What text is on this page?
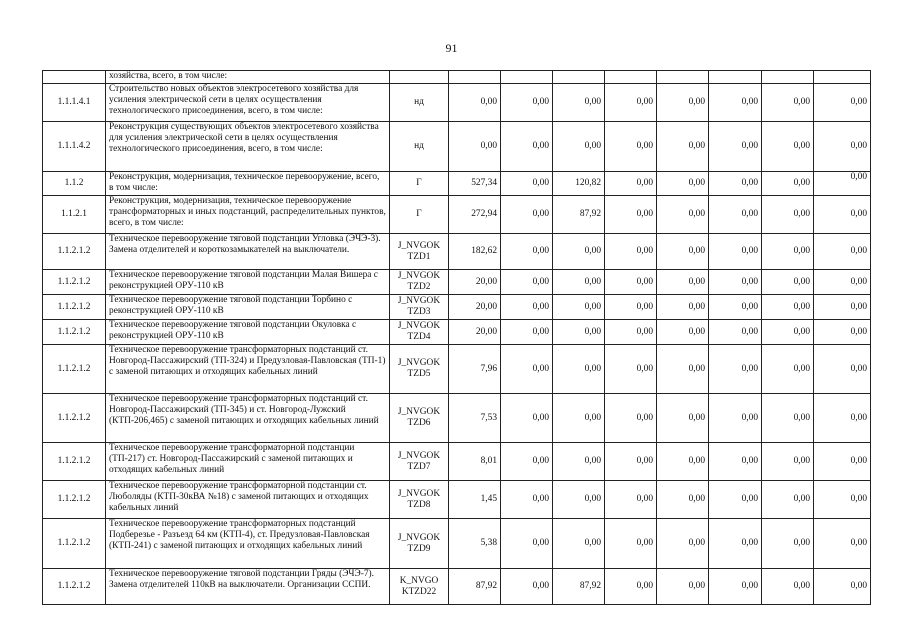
91
	хозяйства, всего, в том числе:									
1.1.1.4.1	Строительство новых объектов электросетевого хозяйства для усиления электрической сети в целях осуществления технологического присоединения, всего, в том числе:	нд	0,00	0,00	0,00	0,00	0,00	0,00	0,00	0,00
1.1.1.4.2	Реконструкция существующих объектов электросетевого хозяйства для усиления электрической сети в целях осуществления технологического присоединения, всего, в том числе:	нд	0,00	0,00	0,00	0,00	0,00	0,00	0,00	0,00
1.1.2	Реконструкция, модернизация, техническое перевооружение, всего, в том числе:	Г	527,34	0,00	120,82	0,00	0,00	0,00	0,00	0,00
1.1.2.1	Реконструкция, модернизация, техническое перевооружение трансформаторных и иных подстанций, распределительных пунктов, всего, в том числе:	Г	272,94	0,00	87,92	0,00	0,00	0,00	0,00	0,00
1.1.2.1.2	Техническое перевооружение тяговой подстанции Угловка (ЭЧЭ-3). Замена отделителей и короткозамыкателей на выключатели.	J_NVGOK TZD1	182,62	0,00	0,00	0,00	0,00	0,00	0,00	0,00
1.1.2.1.2	Техническое перевооружение тяговой подстанции Малая Вишера с реконструкцией ОРУ-110 кВ	J_NVGOK TZD2	20,00	0,00	0,00	0,00	0,00	0,00	0,00	0,00
1.1.2.1.2	Техническое перевооружение тяговой подстанции Торбино с реконструкцией ОРУ-110 кВ	J_NVGOK TZD3	20,00	0,00	0,00	0,00	0,00	0,00	0,00	0,00
1.1.2.1.2	Техническое перевооружение тяговой подстанции Окуловка с реконструкцией ОРУ-110 кВ	J_NVGOK TZD4	20,00	0,00	0,00	0,00	0,00	0,00	0,00	0,00
1.1.2.1.2	Техническое перевооружение трансформаторных подстанций ст. Новгород-Пассажирский (ТП-324) и Предузловая-Павловская (ТП-1) с заменой питающих и отходящих кабельных линий	J_NVGOK TZD5	7,96	0,00	0,00	0,00	0,00	0,00	0,00	0,00
1.1.2.1.2	Техническое перевооружение трансформаторных подстанций ст. Новгород-Пассажирский (ТП-345) и ст. Новгород-Лужский (КТП-206,465) с заменой питающих и отходящих кабельных линий	J_NVGOK TZD6	7,53	0,00	0,00	0,00	0,00	0,00	0,00	0,00
1.1.2.1.2	Техническое перевооружение трансформаторной подстанции (ТП-217) ст. Новгород-Пассажирский с заменой питающих и отходящих кабельных линий	J_NVGOK TZD7	8,01	0,00	0,00	0,00	0,00	0,00	0,00	0,00
1.1.2.1.2	Техническое перевооружение трансформаторной подстанции ст. Люболяды (КТП-30кВА №18) с заменой питающих и отходящих кабельных линий	J_NVGOK TZD8	1,45	0,00	0,00	0,00	0,00	0,00	0,00	0,00
1.1.2.1.2	Техническое перевооружение трансформаторных подстанций Подберезье - Разъезд 64 км (КТП-4), ст. Предузловая-Павловская (КТП-241) с заменой питающих и отходящих кабельных линий	J_NVGOK TZD9	5,38	0,00	0,00	0,00	0,00	0,00	0,00	0,00
1.1.2.1.2	Техническое перевооружение тяговой подстанции Гряды (ЭЧЭ-7). Замена отделителей 110кВ на выключатели. Организации ССПИ.	K_NVGO KTZD22	87,92	0,00	87,92	0,00	0,00	0,00	0,00	0,00
